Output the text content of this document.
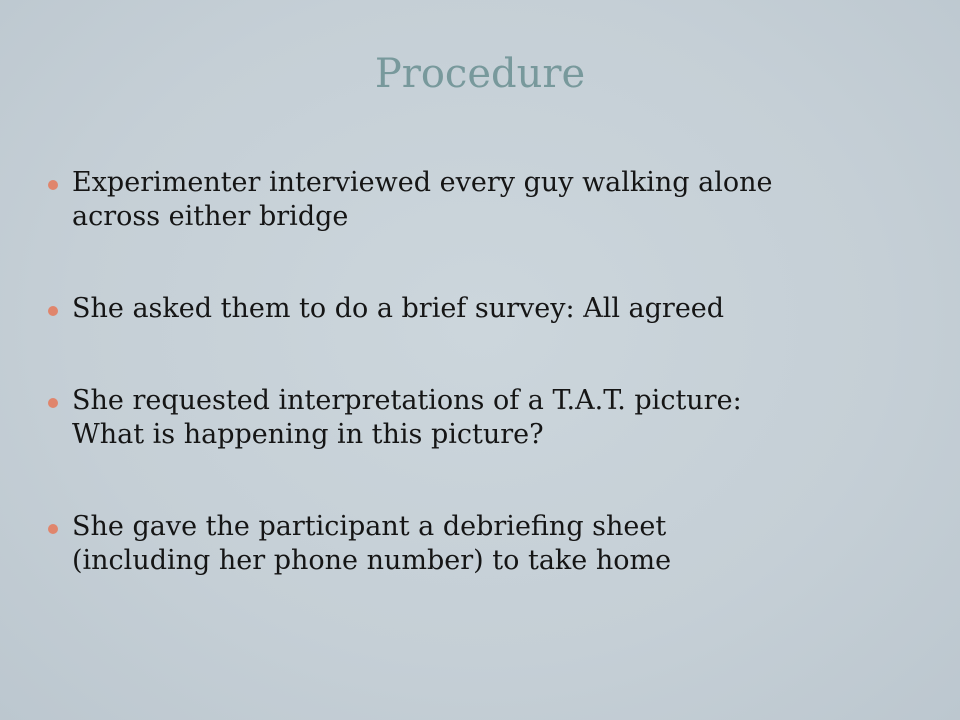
Procedure
Experimenter interviewed every guy walking alone
across either bridge
She asked them to do a brief survey: All agreed
She requested interpretations of a T.A.T. picture:
What is happening in this picture?
She gave the participant a debriefing sheet
(including her phone number) to take home
